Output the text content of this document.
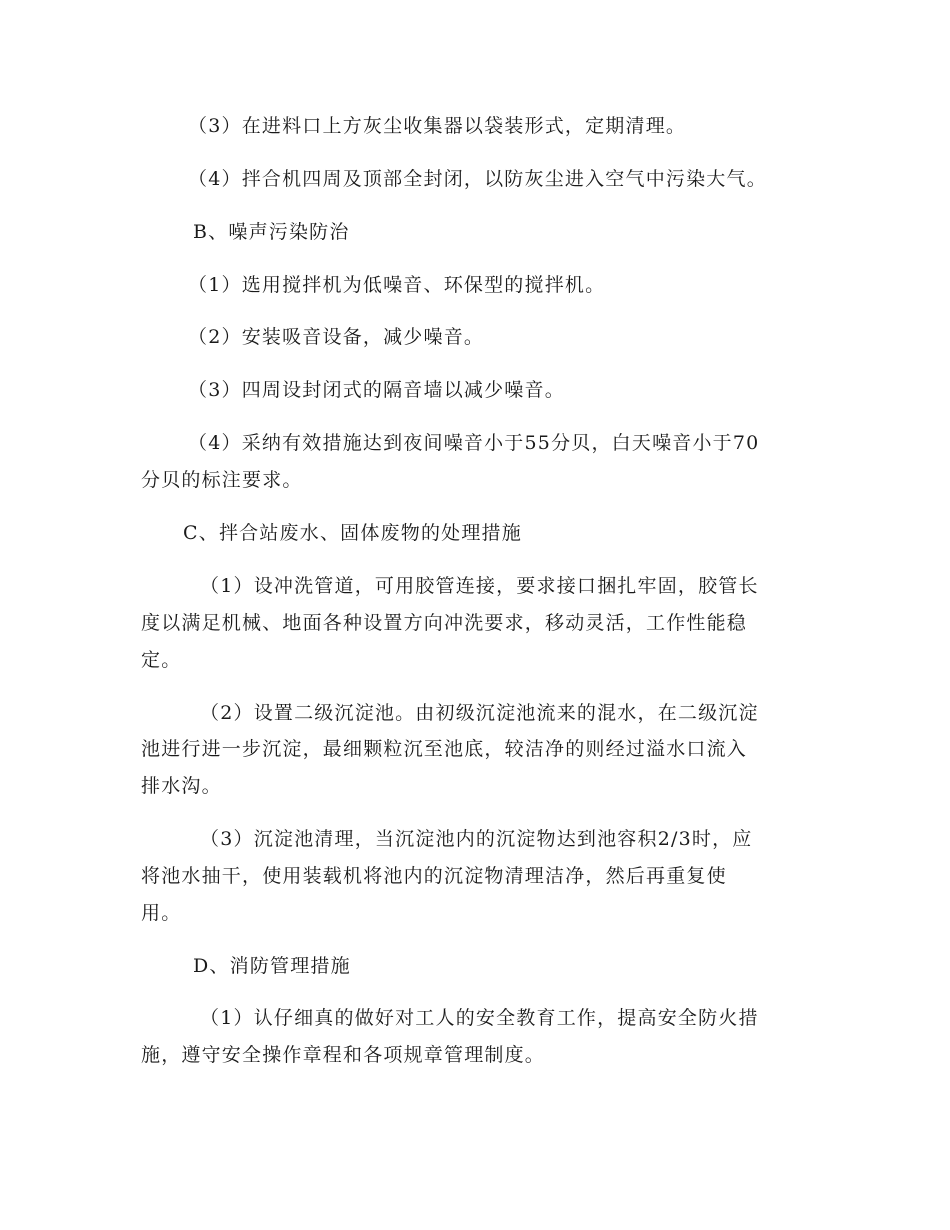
（3）在进料口上方灰尘收集器以袋装形式，定期清理。
（4）拌合机四周及顶部全封闭，以防灰尘进入空气中污染大气。
B、噪声污染防治
（1）选用搅拌机为低噪音、环保型的搅拌机。
（2）安装吸音设备，减少噪音。
（3）四周设封闭式的隔音墙以减少噪音。
（4）采纳有效措施达到夜间噪音小于55分贝，白天噪音小于70
分贝的标注要求。
C、拌合站废水、固体废物的处理措施
（1）设冲洗管道，可用胶管连接，要求接口捆扎牢固，胶管长
度以满足机械、地面各种设置方向冲洗要求，移动灵活，工作性能稳
定。
（2）设置二级沉淀池。由初级沉淀池流来的混水，在二级沉淀
池进行进一步沉淀，最细颗粒沉至池底，较洁净的则经过溢水口流入
排水沟。
（3）沉淀池清理，当沉淀池内的沉淀物达到池容积2/3时，应
将池水抽干，使用装载机将池内的沉淀物清理洁净，然后再重复使
用。
D、消防管理措施
（1）认仔细真的做好对工人的安全教育工作，提高安全防火措
施，遵守安全操作章程和各项规章管理制度。
